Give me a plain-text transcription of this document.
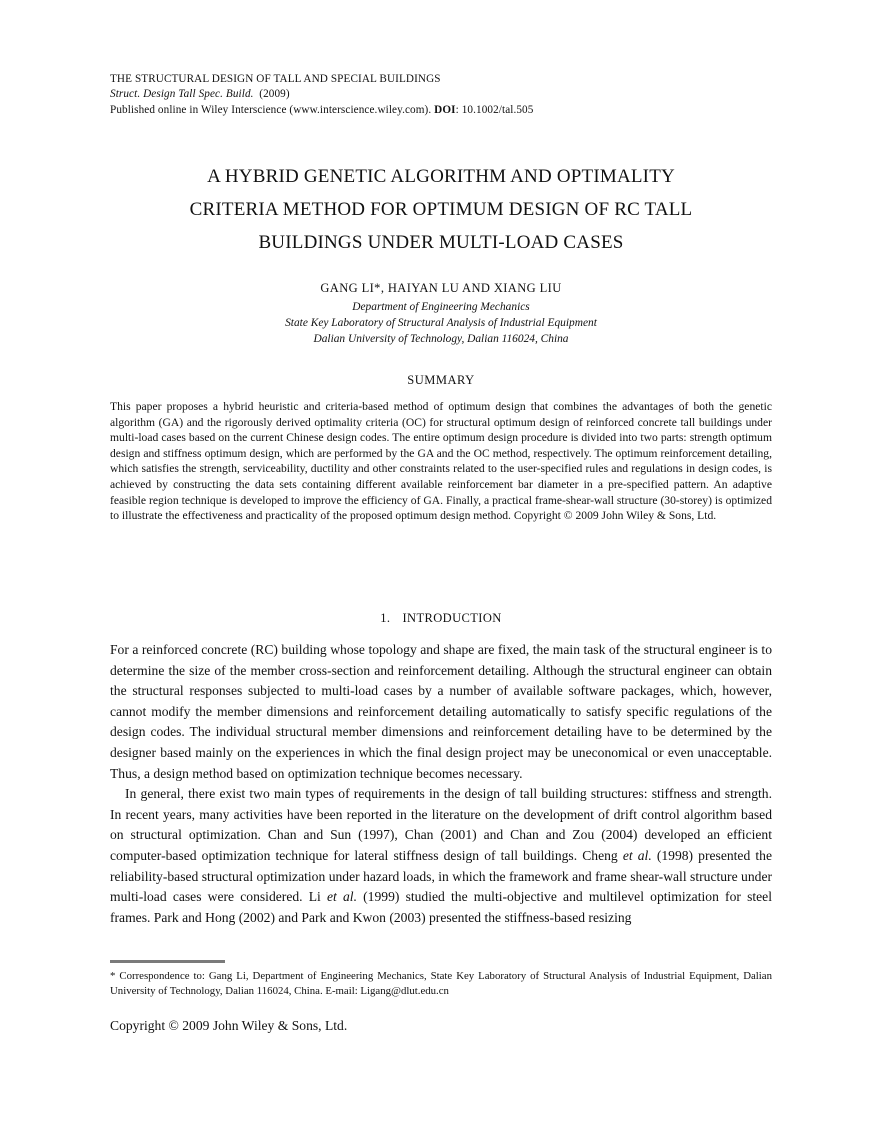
THE STRUCTURAL DESIGN OF TALL AND SPECIAL BUILDINGS
Struct. Design Tall Spec. Build. (2009)
Published online in Wiley Interscience (www.interscience.wiley.com). DOI: 10.1002/tal.505
A HYBRID GENETIC ALGORITHM AND OPTIMALITY
CRITERIA METHOD FOR OPTIMUM DESIGN OF RC TALL
BUILDINGS UNDER MULTI-LOAD CASES
GANG LI*, HAIYAN LU AND XIANG LIU
Department of Engineering Mechanics
State Key Laboratory of Structural Analysis of Industrial Equipment
Dalian University of Technology, Dalian 116024, China
SUMMARY

This paper proposes a hybrid heuristic and criteria-based method of optimum design that combines the advantages of both the genetic algorithm (GA) and the rigorously derived optimality criteria (OC) for structural optimum design of reinforced concrete tall buildings under multi-load cases based on the current Chinese design codes. The entire optimum design procedure is divided into two parts: strength optimum design and stiffness optimum design, which are performed by the GA and the OC method, respectively. The optimum reinforcement detailing, which satisfies the strength, serviceability, ductility and other constraints related to the user-specified rules and regulations in design codes, is achieved by constructing the data sets containing different available reinforcement bar diameter in a pre-specified pattern. An adaptive feasible region technique is developed to improve the efficiency of GA. Finally, a practical frame-shear-wall structure (30-storey) is optimized to illustrate the effectiveness and practicality of the proposed optimum design method. Copyright © 2009 John Wiley & Sons, Ltd.

1. INTRODUCTION

For a reinforced concrete (RC) building whose topology and shape are fixed, the main task of the structural engineer is to determine the size of the member cross-section and reinforcement detailing. Although the structural engineer can obtain the structural responses subjected to multi-load cases by a number of available software packages, which, however, cannot modify the member dimensions and reinforcement detailing automatically to satisfy specific regulations of the design codes. The individual structural member dimensions and reinforcement detailing have to be determined by the designer based mainly on the experiences in which the final design project may be uneconomical or even unacceptable. Thus, a design method based on optimization technique becomes necessary.

In general, there exist two main types of requirements in the design of tall building structures: stiffness and strength. In recent years, many activities have been reported in the literature on the development of drift control algorithm based on structural optimization. Chan and Sun (1997), Chan (2001) and Chan and Zou (2004) developed an efficient computer-based optimization technique for lateral stiffness design of tall buildings. Cheng et al. (1998) presented the reliability-based structural optimization under hazard loads, in which the framework and frame shear-wall structure under multi-load cases were considered. Li et al. (1999) studied the multi-objective and multilevel optimization for steel frames. Park and Hong (2002) and Park and Kwon (2003) presented the stiffness-based resizing

* Correspondence to: Gang Li, Department of Engineering Mechanics, State Key Laboratory of Structural Analysis of Industrial Equipment, Dalian University of Technology, Dalian 116024, China. E-mail: Ligang@dlut.edu.cn

Copyright © 2009 John Wiley & Sons, Ltd.
